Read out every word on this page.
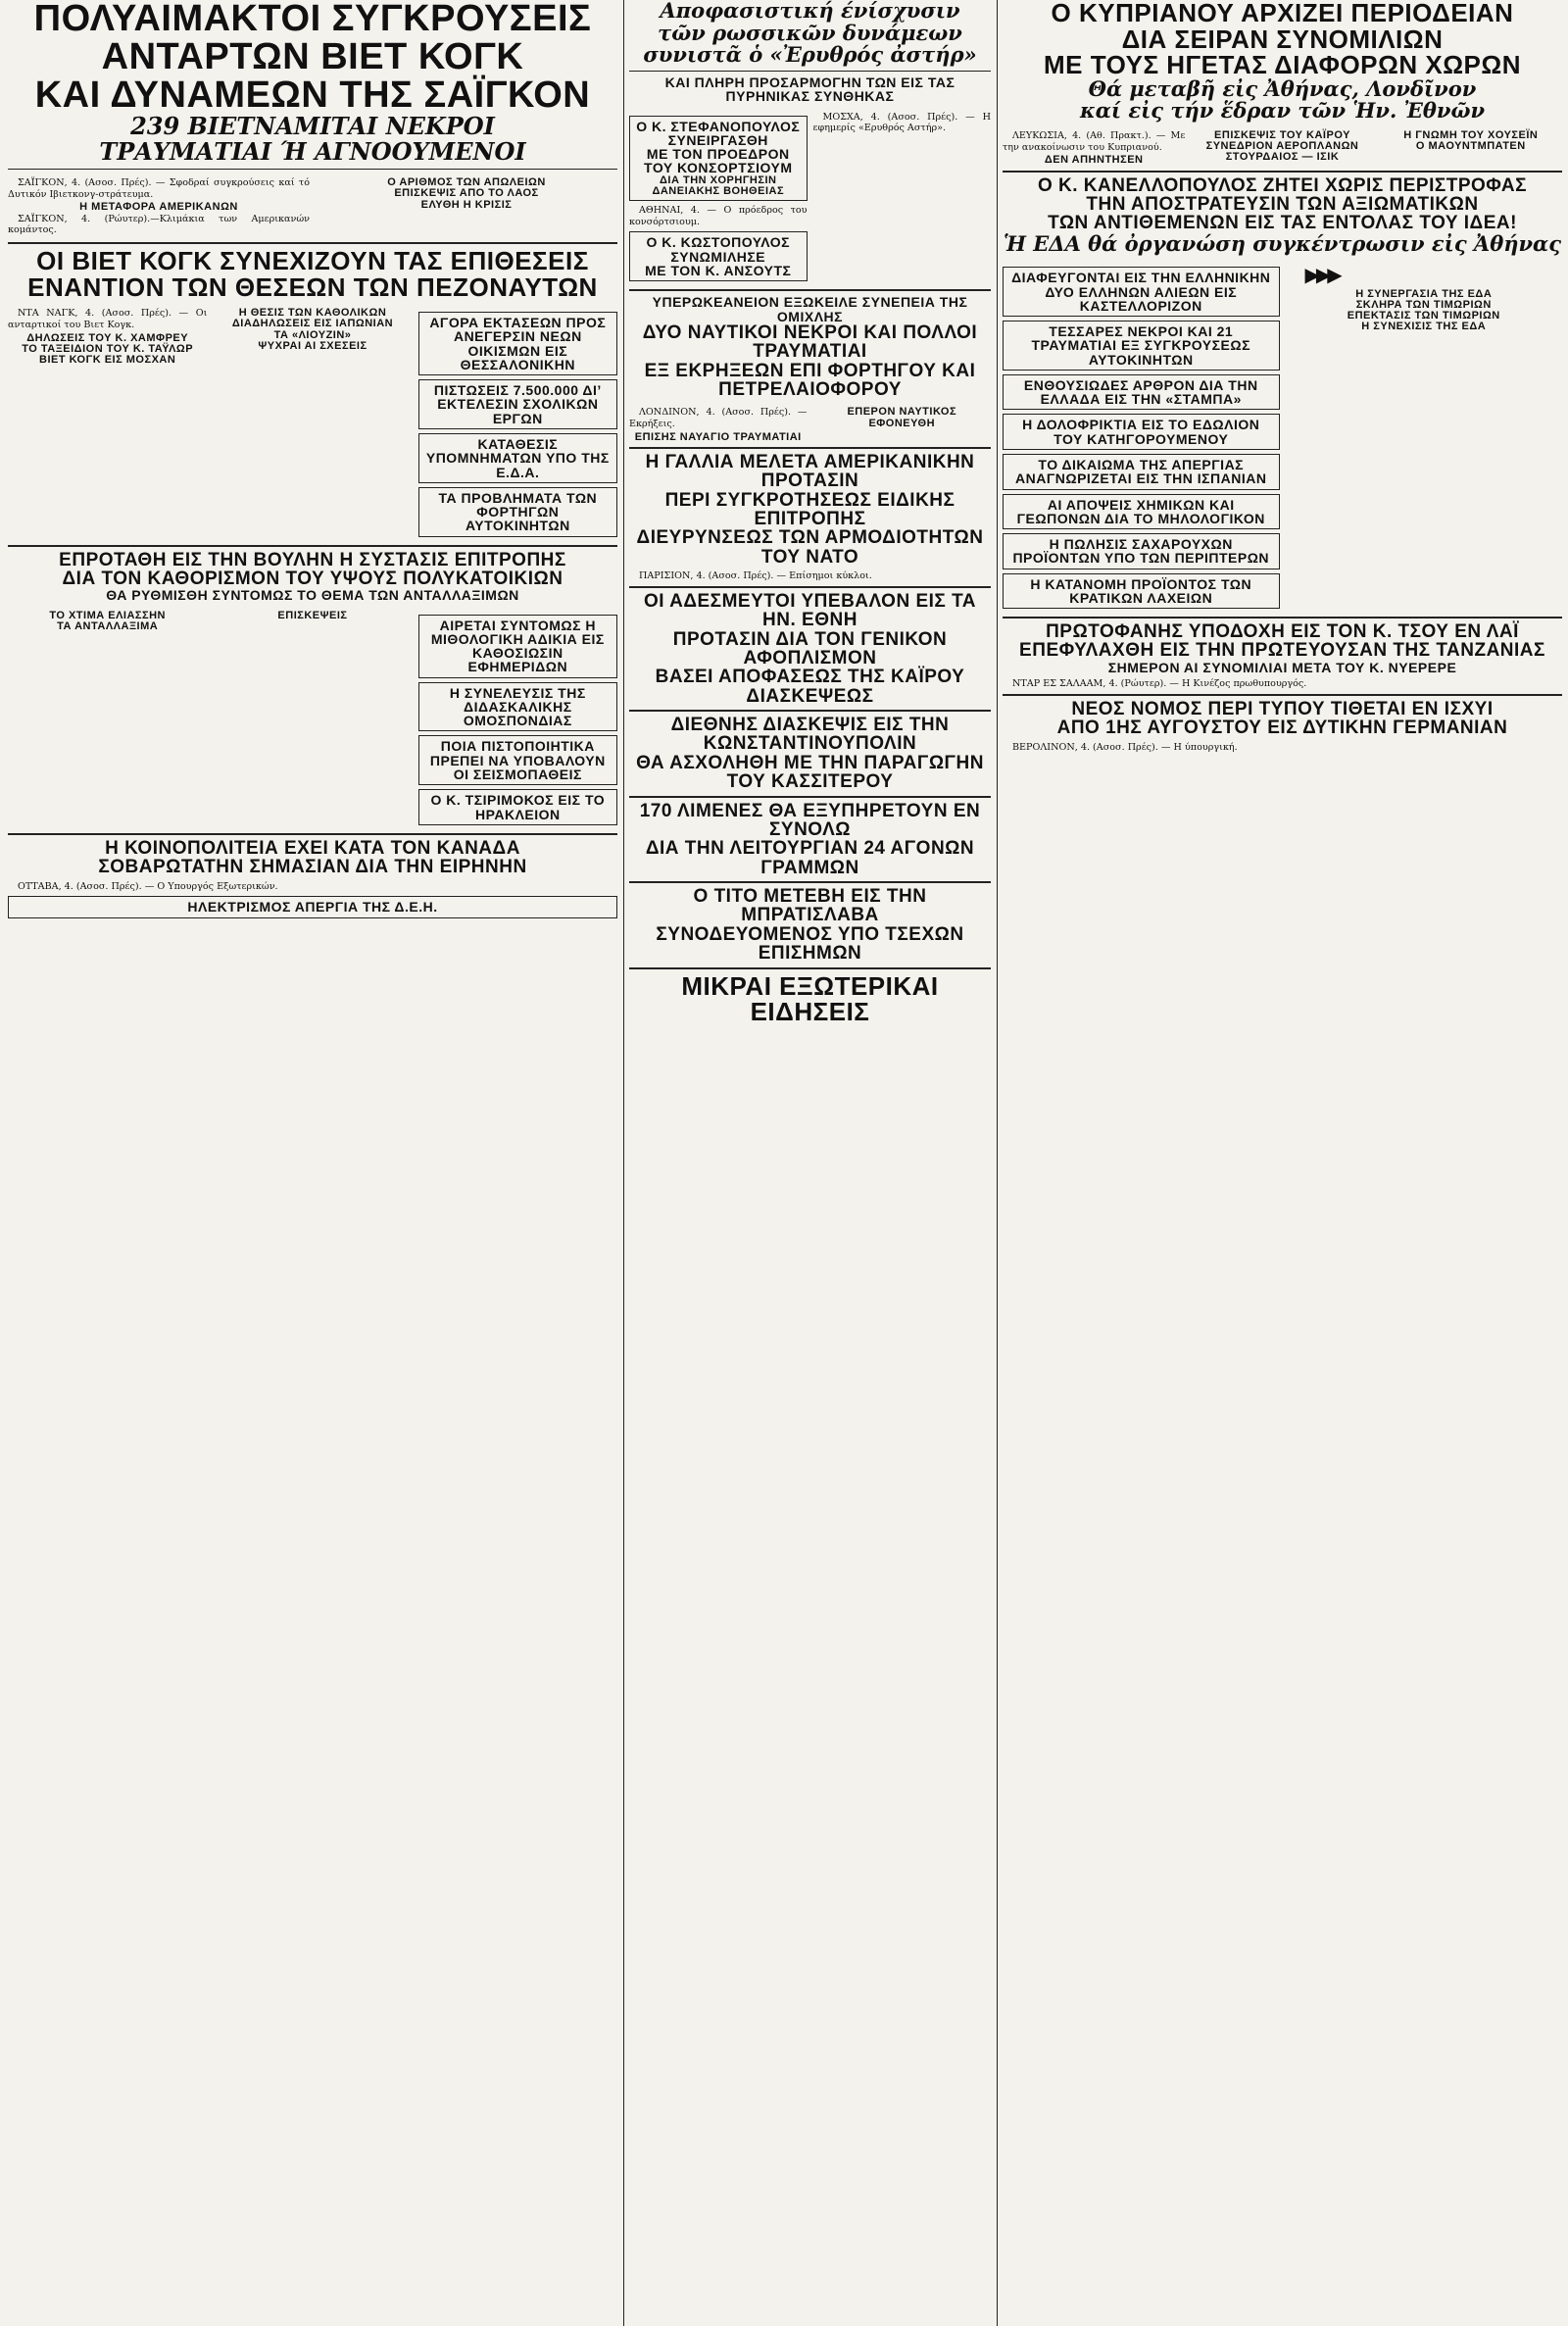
ΠΟΛΥΑΙΜΑΚΤΟΙ ΣΥΓΚΡΟΥΣΕΙΣ
ΑΝΤΑΡΤΩΝ ΒΙΕΤ ΚΟΓΚ
ΚΑΙ ΔΥΝΑΜΕΩΝ ΤΗΣ ΣΑΪΓΚΟΝ
239 ΒΙΕΤΝΑΜΙΤΑΙ ΝΕΚΡΟΙ
ΤΡΑΥΜΑΤΙΑΙ Ή ΑΓΝΟΟΥΜΕΝΟΙ

ΣΑΪΓΚΟΝ, 4. (Ασοσ. Πρές). — Σφοδραί συγκρούσεις καί τό Δυτικόν Ιβιετκονγ-στράτευμα.

Η ΜΕΤΑΦΟΡΑ ΑΜΕΡΙΚΑΝΩΝ

ΣΑΪΓΚΟΝ, 4. (Ρώυτερ).—Κλιμάκια των Αμερικανών κομάντος.

Ο ΑΡΙΘΜΟΣ ΤΩΝ ΑΠΩΛΕΙΩΝ
ΕΠΙΣΚΕΨΙΣ ΑΠΟ ΤΟ ΛΑΟΣ
ΕΛΥΘΗ Η ΚΡΙΣΙΣ
ΟΙ ΒΙΕΤ ΚΟΓΚ ΣΥΝΕΧΙΖΟΥΝ ΤΑΣ ΕΠΙΘΕΣΕΙΣ
ΕΝΑΝΤΙΟΝ ΤΩΝ ΘΕΣΕΩΝ ΤΩΝ ΠΕΖΟΝΑΥΤΩΝ

ΝΤΑ ΝΑΓΚ, 4. (Ασοσ. Πρές). — Οι ανταρτικοί του Βιετ Κογκ.

ΔΗΛΩΣΕΙΣ ΤΟΥ Κ. ΧΑΜΦΡΕΥ
ΤΟ ΤΑΞΕΙΔΙΟΝ ΤΟΥ Κ. ΤΑΫΛΩΡ
ΒΙΕΤ ΚΟΓΚ ΕΙΣ ΜΟΣΧΑΝ
Η ΘΕΣΙΣ ΤΩΝ ΚΑΘΟΛΙΚΩΝ
ΔΙΑΔΗΛΩΣΕΙΣ ΕΙΣ ΙΑΠΩΝΙΑΝ
ΤΑ «ΛΙΟΥΖΙΝ»
ΨΥΧΡΑΙ ΑΙ ΣΧΕΣΕΙΣ
ΑΓΟΡΑ ΕΚΤΑΣΕΩΝ ΠΡΟΣ ΑΝΕΓΕΡΣΙΝ ΝΕΩΝ ΟΙΚΙΣΜΩΝ ΕΙΣ ΘΕΣΣΑΛΟΝΙΚΗΝ
ΠΙΣΤΩΣΕΙΣ 7.500.000 ΔΙ’ ΕΚΤΕΛΕΣΙΝ ΣΧΟΛΙΚΩΝ ΕΡΓΩΝ
ΚΑΤΑΘΕΣΙΣ ΥΠΟΜΝΗΜΑΤΩΝ ΥΠΟ ΤΗΣ Ε.Δ.Α.
ΤΑ ΠΡΟΒΛΗΜΑΤΑ ΤΩΝ ΦΟΡΤΗΓΩΝ ΑΥΤΟΚΙΝΗΤΩΝ
ΕΠΡΟΤΑΘΗ ΕΙΣ ΤΗΝ ΒΟΥΛΗΝ Η ΣΥΣΤΑΣΙΣ ΕΠΙΤΡΟΠΗΣ
ΔΙΑ ΤΟΝ ΚΑΘΟΡΙΣΜΟΝ ΤΟΥ ΥΨΟΥΣ ΠΟΛΥΚΑΤΟΙΚΙΩΝ
ΘΑ ΡΥΘΜΙΣΘΗ ΣΥΝΤΟΜΩΣ ΤΟ ΘΕΜΑ ΤΩΝ ΑΝΤΑΛΛΑΞΙΜΩΝ
ΤΟ ΧΤΙΜΑ ΕΛΙΑΣΣΗΝ
ΤΑ ΑΝΤΑΛΛΑΞΙΜΑ
ΕΠΙΣΚΕΨΕΙΣ
ΑΙΡΕΤΑΙ ΣΥΝΤΟΜΩΣ Η ΜΙΘΟΛΟΓΙΚΗ ΑΔΙΚΙΑ ΕΙΣ ΚΑΘΟΣΙΩΣΙΝ ΕΦΗΜΕΡΙΔΩΝ
Η ΣΥΝΕΛΕΥΣΙΣ ΤΗΣ ΔΙΔΑΣΚΑΛΙΚΗΣ ΟΜΟΣΠΟΝΔΙΑΣ
ΠΟΙΑ ΠΙΣΤΟΠΟΙΗΤΙΚΑ ΠΡΕΠΕΙ ΝΑ ΥΠΟΒΑΛΟΥΝ ΟΙ ΣΕΙΣΜΟΠΑΘΕΙΣ
Ο Κ. ΤΣΙΡΙΜΟΚΟΣ ΕΙΣ ΤΟ ΗΡΑΚΛΕΙΟΝ
Η ΚΟΙΝΟΠΟΛΙΤΕΙΑ ΕΧΕΙ ΚΑΤΑ ΤΟΝ ΚΑΝΑΔΑ
ΣΟΒΑΡΩΤΑΤΗΝ ΣΗΜΑΣΙΑΝ ΔΙΑ ΤΗΝ ΕΙΡΗΝΗΝ

ΟΤΤΑΒΑ, 4. (Ασοσ. Πρές). — Ο Υπουργός Εξωτερικών.

ΗΛΕΚΤΡΙΣΜΟΣ ΑΠΕΡΓΙΑ ΤΗΣ Δ.Ε.Η.
Αποφασιστική ένίσχυσιν
τῶν ρωσσικῶν δυνάμεων
συνιστᾶ ὁ «Ἐρυθρός ἀστήρ»
ΚΑΙ ΠΛΗΡΗ ΠΡΟΣΑΡΜΟΓΗΝ ΤΩΝ ΕΙΣ ΤΑΣ ΠΥΡΗΝΙΚΑΣ ΣΥΝΘΗΚΑΣ
Ο Κ. ΣΤΕΦΑΝΟΠΟΥΛΟΣ
ΣΥΝΕΙΡΓΑΣΘΗ
ΜΕ ΤΟΝ ΠΡΟΕΔΡΟΝ
ΤΟΥ ΚΟΝΣΟΡΤΣΙΟΥΜ
ΔΙΑ ΤΗΝ ΧΟΡΗΓΗΣΙΝ ΔΑΝΕΙΑΚΗΣ ΒΟΗΘΕΙΑΣ

ΑΘΗΝΑΙ, 4. — Ο πρόεδρος του κονσόρτσιουμ.

Ο Κ. ΚΩΣΤΟΠΟΥΛΟΣ
ΣΥΝΩΜΙΛΗΣΕ
ΜΕ ΤΟΝ Κ. ΑΝΣΟΥΤΣ

ΜΟΣΧΑ, 4. (Ασοσ. Πρές). — Η εφημερίς «Ερυθρός Αστήρ».

ΥΠΕΡΩΚΕΑΝΕΙΟΝ ΕΞΩΚΕΙΛΕ ΣΥΝΕΠΕΙΑ ΤΗΣ ΟΜΙΧΛΗΣ
ΔΥΟ ΝΑΥΤΙΚΟΙ ΝΕΚΡΟΙ ΚΑΙ ΠΟΛΛΟΙ ΤΡΑΥΜΑΤΙΑΙ
ΕΞ ΕΚΡΗΞΕΩΝ ΕΠΙ ΦΟΡΤΗΓΟΥ ΚΑΙ ΠΕΤΡΕΛΑΙΟΦΟΡΟΥ

ΛΟΝΔΙΝΟΝ, 4. (Ασοσ. Πρές). — Εκρήξεις.

ΕΠΙΣΗΣ ΝΑΥΑΓΙΟ ΤΡΑΥΜΑΤΙΑΙ
ΕΠΕΡΟΝ ΝΑΥΤΙΚΟΣ ΕΦΟΝΕΥΘΗ
Η ΓΑΛΛΙΑ ΜΕΛΕΤΑ ΑΜΕΡΙΚΑΝΙΚΗΝ ΠΡΟΤΑΣΙΝ
ΠΕΡΙ ΣΥΓΚΡΟΤΗΣΕΩΣ ΕΙΔΙΚΗΣ ΕΠΙΤΡΟΠΗΣ
ΔΙΕΥΡΥΝΣΕΩΣ ΤΩΝ ΑΡΜΟΔΙΟΤΗΤΩΝ ΤΟΥ ΝΑΤΟ

ΠΑΡΙΣΙΟΝ, 4. (Ασοσ. Πρές). — Επίσημοι κύκλοι.

ΟΙ ΑΔΕΣΜΕΥΤΟΙ ΥΠΕΒΑΛΟΝ ΕΙΣ ΤΑ ΗΝ. ΕΘΝΗ
ΠΡΟΤΑΣΙΝ ΔΙΑ ΤΟΝ ΓΕΝΙΚΟΝ ΑΦΟΠΛΙΣΜΟΝ
ΒΑΣΕΙ ΑΠΟΦΑΣΕΩΣ ΤΗΣ ΚΑΪΡΟΥ ΔΙΑΣΚΕΨΕΩΣ
ΔΙΕΘΝΗΣ ΔΙΑΣΚΕΨΙΣ ΕΙΣ ΤΗΝ ΚΩΝΣΤΑΝΤΙΝΟΥΠΟΛΙΝ
ΘΑ ΑΣΧΟΛΗΘΗ ΜΕ ΤΗΝ ΠΑΡΑΓΩΓΗΝ ΤΟΥ ΚΑΣΣΙΤΕΡΟΥ
170 ΛΙΜΕΝΕΣ ΘΑ ΕΞΥΠΗΡΕΤΟΥΝ ΕΝ ΣΥΝΟΛΩ
ΔΙΑ ΤΗΝ ΛΕΙΤΟΥΡΓΙΑΝ 24 ΑΓΟΝΩΝ ΓΡΑΜΜΩΝ
Ο ΤΙΤΟ ΜΕΤΕΒΗ ΕΙΣ ΤΗΝ ΜΠΡΑΤΙΣΛΑΒΑ
ΣΥΝΟΔΕΥΟΜΕΝΟΣ ΥΠΟ ΤΣΕΧΩΝ ΕΠΙΣΗΜΩΝ
ΜΙΚΡΑΙ ΕΞΩΤΕΡΙΚΑΙ ΕΙΔΗΣΕΙΣ
Ο ΚΥΠΡΙΑΝΟΥ ΑΡΧΙΖΕΙ ΠΕΡΙΟΔΕΙΑΝ
ΔΙΑ ΣΕΙΡΑΝ ΣΥΝΟΜΙΛΙΩΝ
ΜΕ ΤΟΥΣ ΗΓΕΤΑΣ ΔΙΑΦΟΡΩΝ ΧΩΡΩΝ
Θά μεταβῆ εἰς Ἀθήνας, Λονδῖνον
καί εἰς τήν ἕδραν τῶν Ἡν. Ἐθνῶν

ΛΕΥΚΩΣΙΑ, 4. (Αθ. Πρακτ.). — Με την ανακοίνωσιν του Κυπριανού.

ΔΕΝ ΑΠΗΝΤΗΣΕΝ
ΕΠΙΣΚΕΨΙΣ ΤΟΥ ΚΑΪΡΟΥ
ΣΥΝΕΔΡΙΟΝ ΑΕΡΟΠΛΑΝΩΝ
ΣΤΟΥΡΔΑΙΟΣ — ΙΣΙΚ
Η ΓΝΩΜΗ ΤΟΥ ΧΟΥΣΕΪΝ
Ο ΜΑΟΥΝΤΜΠΑΤΕΝ
Ο Κ. ΚΑΝΕΛΛΟΠΟΥΛΟΣ ΖΗΤΕΙ ΧΩΡΙΣ ΠΕΡΙΣΤΡΟΦΑΣ
ΤΗΝ ΑΠΟΣΤΡΑΤΕΥΣΙΝ ΤΩΝ ΑΞΙΩΜΑΤΙΚΩΝ
ΤΩΝ ΑΝΤΙΘΕΜΕΝΩΝ ΕΙΣ ΤΑΣ ΕΝΤΟΛΑΣ ΤΟΥ ΙΔΕΑ!
Ἡ ΕΔΑ θά ὀργανώση συγκέντρωσιν εἰς Ἀθήνας
ΔΙΑΦΕΥΓΟΝΤΑΙ ΕΙΣ ΤΗΝ ΕΛΛΗΝΙΚΗΝ ΔΥΟ ΕΛΛΗΝΩΝ ΑΛΙΕΩΝ ΕΙΣ ΚΑΣΤΕΛΛΟΡΙΖΟΝ
ΤΕΣΣΑΡΕΣ ΝΕΚΡΟΙ ΚΑΙ 21 ΤΡΑΥΜΑΤΙΑΙ ΕΞ ΣΥΓΚΡΟΥΣΕΩΣ ΑΥΤΟΚΙΝΗΤΩΝ
ΕΝΘΟΥΣΙΩΔΕΣ ΑΡΘΡΟΝ ΔΙΑ ΤΗΝ ΕΛΛΑΔΑ ΕΙΣ ΤΗΝ «ΣΤΑΜΠΑ»
Η ΔΟΛΟΦΡΙΚΤΙΑ ΕΙΣ ΤΟ ΕΔΩΛΙΟΝ ΤΟΥ ΚΑΤΗΓΟΡΟΥΜΕΝΟΥ
ΤΟ ΔΙΚΑΙΩΜΑ ΤΗΣ ΑΠΕΡΓΙΑΣ ΑΝΑΓΝΩΡΙΖΕΤΑΙ ΕΙΣ ΤΗΝ ΙΣΠΑΝΙΑΝ
ΑΙ ΑΠΟΨΕΙΣ ΧΗΜΙΚΩΝ ΚΑΙ ΓΕΩΠΟΝΩΝ ΔΙΑ ΤΟ ΜΗΛΟΛΟΓΙΚΟΝ
Η ΠΩΛΗΣΙΣ ΣΑΧΑΡΟΥΧΩΝ ΠΡΟΪΟΝΤΩΝ ΥΠΟ ΤΩΝ ΠΕΡΙΠΤΕΡΩΝ
Η ΚΑΤΑΝΟΜΗ ΠΡΟΪΟΝΤΟΣ ΤΩΝ ΚΡΑΤΙΚΩΝ ΛΑΧΕΙΩΝ

▶▶▶

Η ΣΥΝΕΡΓΑΣΙΑ ΤΗΣ ΕΔΑ
ΣΚΛΗΡΑ ΤΩΝ ΤΙΜΩΡΙΩΝ
ΕΠΕΚΤΑΣΙΣ ΤΩΝ ΤΙΜΩΡΙΩΝ
Η ΣΥΝΕΧΙΣΙΣ ΤΗΣ ΕΔΑ
ΠΡΩΤΟΦΑΝΗΣ ΥΠΟΔΟΧΗ ΕΙΣ ΤΟΝ Κ. ΤΣΟΥ ΕΝ ΛΑΪ
ΕΠΕΦΥΛΑΧΘΗ ΕΙΣ ΤΗΝ ΠΡΩΤΕΥΟΥΣΑΝ ΤΗΣ ΤΑΝΖΑΝΙΑΣ
ΣΗΜΕΡΟΝ ΑΙ ΣΥΝΟΜΙΛΙΑΙ ΜΕΤΑ ΤΟΥ Κ. ΝΥΕΡΕΡΕ

ΝΤΑΡ ΕΣ ΣΑΛΑΑΜ, 4. (Ρώυτερ). — Η Κινέζος πρωθυπουργός.

ΝΕΟΣ ΝΟΜΟΣ ΠΕΡΙ ΤΥΠΟΥ ΤΙΘΕΤΑΙ ΕΝ ΙΣΧΥΙ
ΑΠΟ 1ΗΣ ΑΥΓΟΥΣΤΟΥ ΕΙΣ ΔΥΤΙΚΗΝ ΓΕΡΜΑΝΙΑΝ

ΒΕΡΟΛΙΝΟΝ, 4. (Ασοσ. Πρές). — Η ύπουργική.
